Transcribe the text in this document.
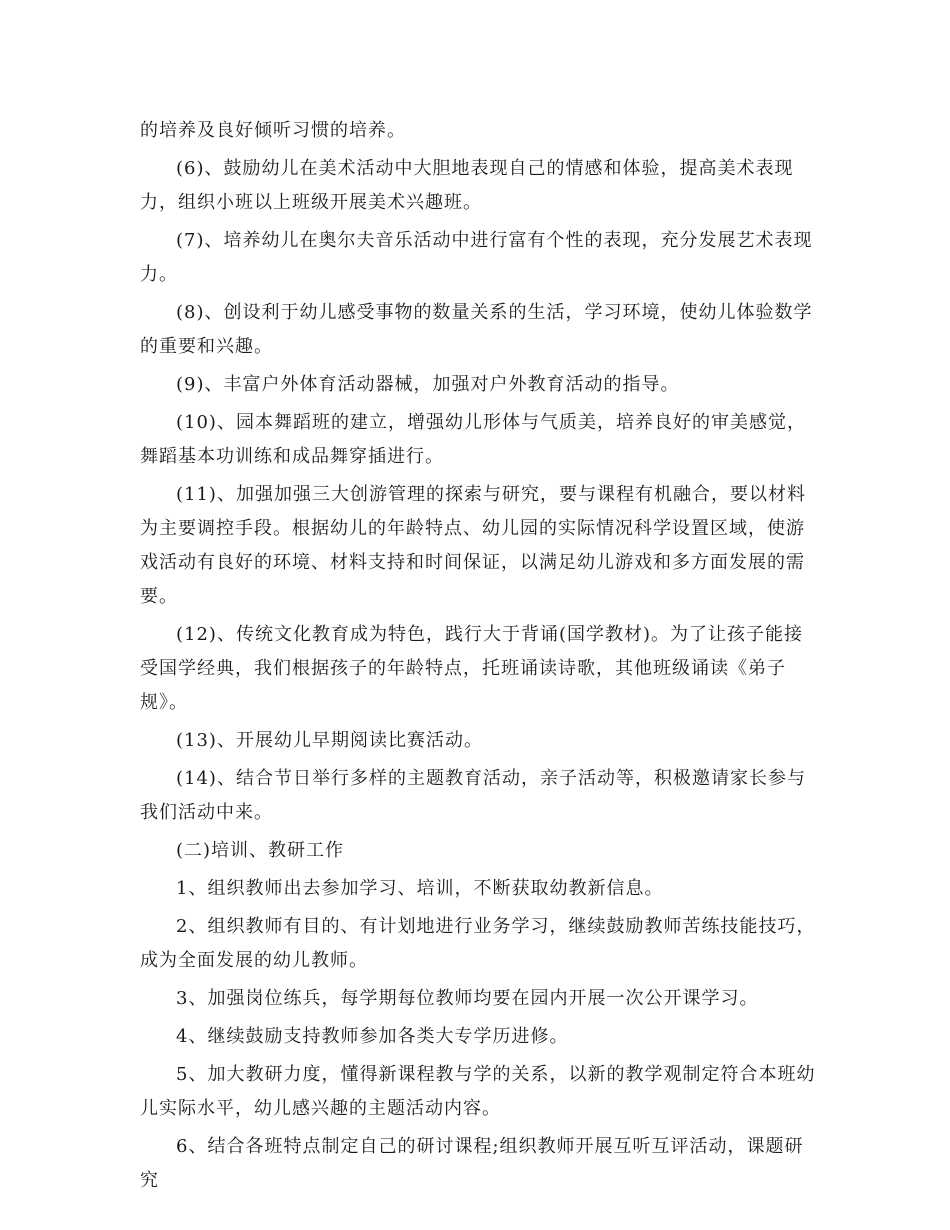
的培养及良好倾听习惯的培养。

(6)、鼓励幼儿在美术活动中大胆地表现自己的情感和体验，提高美术表现力，组织小班以上班级开展美术兴趣班。

(7)、培养幼儿在奥尔夫音乐活动中进行富有个性的表现，充分发展艺术表现力。

(8)、创设利于幼儿感受事物的数量关系的生活，学习环境，使幼儿体验数学的重要和兴趣。

(9)、丰富户外体育活动器械，加强对户外教育活动的指导。

(10)、园本舞蹈班的建立，增强幼儿形体与气质美，培养良好的审美感觉，舞蹈基本功训练和成品舞穿插进行。

(11)、加强加强三大创游管理的探索与研究，要与课程有机融合，要以材料为主要调控手段。根据幼儿的年龄特点、幼儿园的实际情况科学设置区域，使游戏活动有良好的环境、材料支持和时间保证，以满足幼儿游戏和多方面发展的需要。

(12)、传统文化教育成为特色，践行大于背诵(国学教材)。为了让孩子能接受国学经典，我们根据孩子的年龄特点，托班诵读诗歌，其他班级诵读《弟子规》。

(13)、开展幼儿早期阅读比赛活动。

(14)、结合节日举行多样的主题教育活动，亲子活动等，积极邀请家长参与我们活动中来。

(二)培训、教研工作

1、组织教师出去参加学习、培训，不断获取幼教新信息。

2、组织教师有目的、有计划地进行业务学习，继续鼓励教师苦练技能技巧，成为全面发展的幼儿教师。

3、加强岗位练兵，每学期每位教师均要在园内开展一次公开课学习。

4、继续鼓励支持教师参加各类大专学历进修。

5、加大教研力度，懂得新课程教与学的关系，以新的教学观制定符合本班幼儿实际水平，幼儿感兴趣的主题活动内容。

6、结合各班特点制定自己的研讨课程;组织教师开展互听互评活动，课题研究
